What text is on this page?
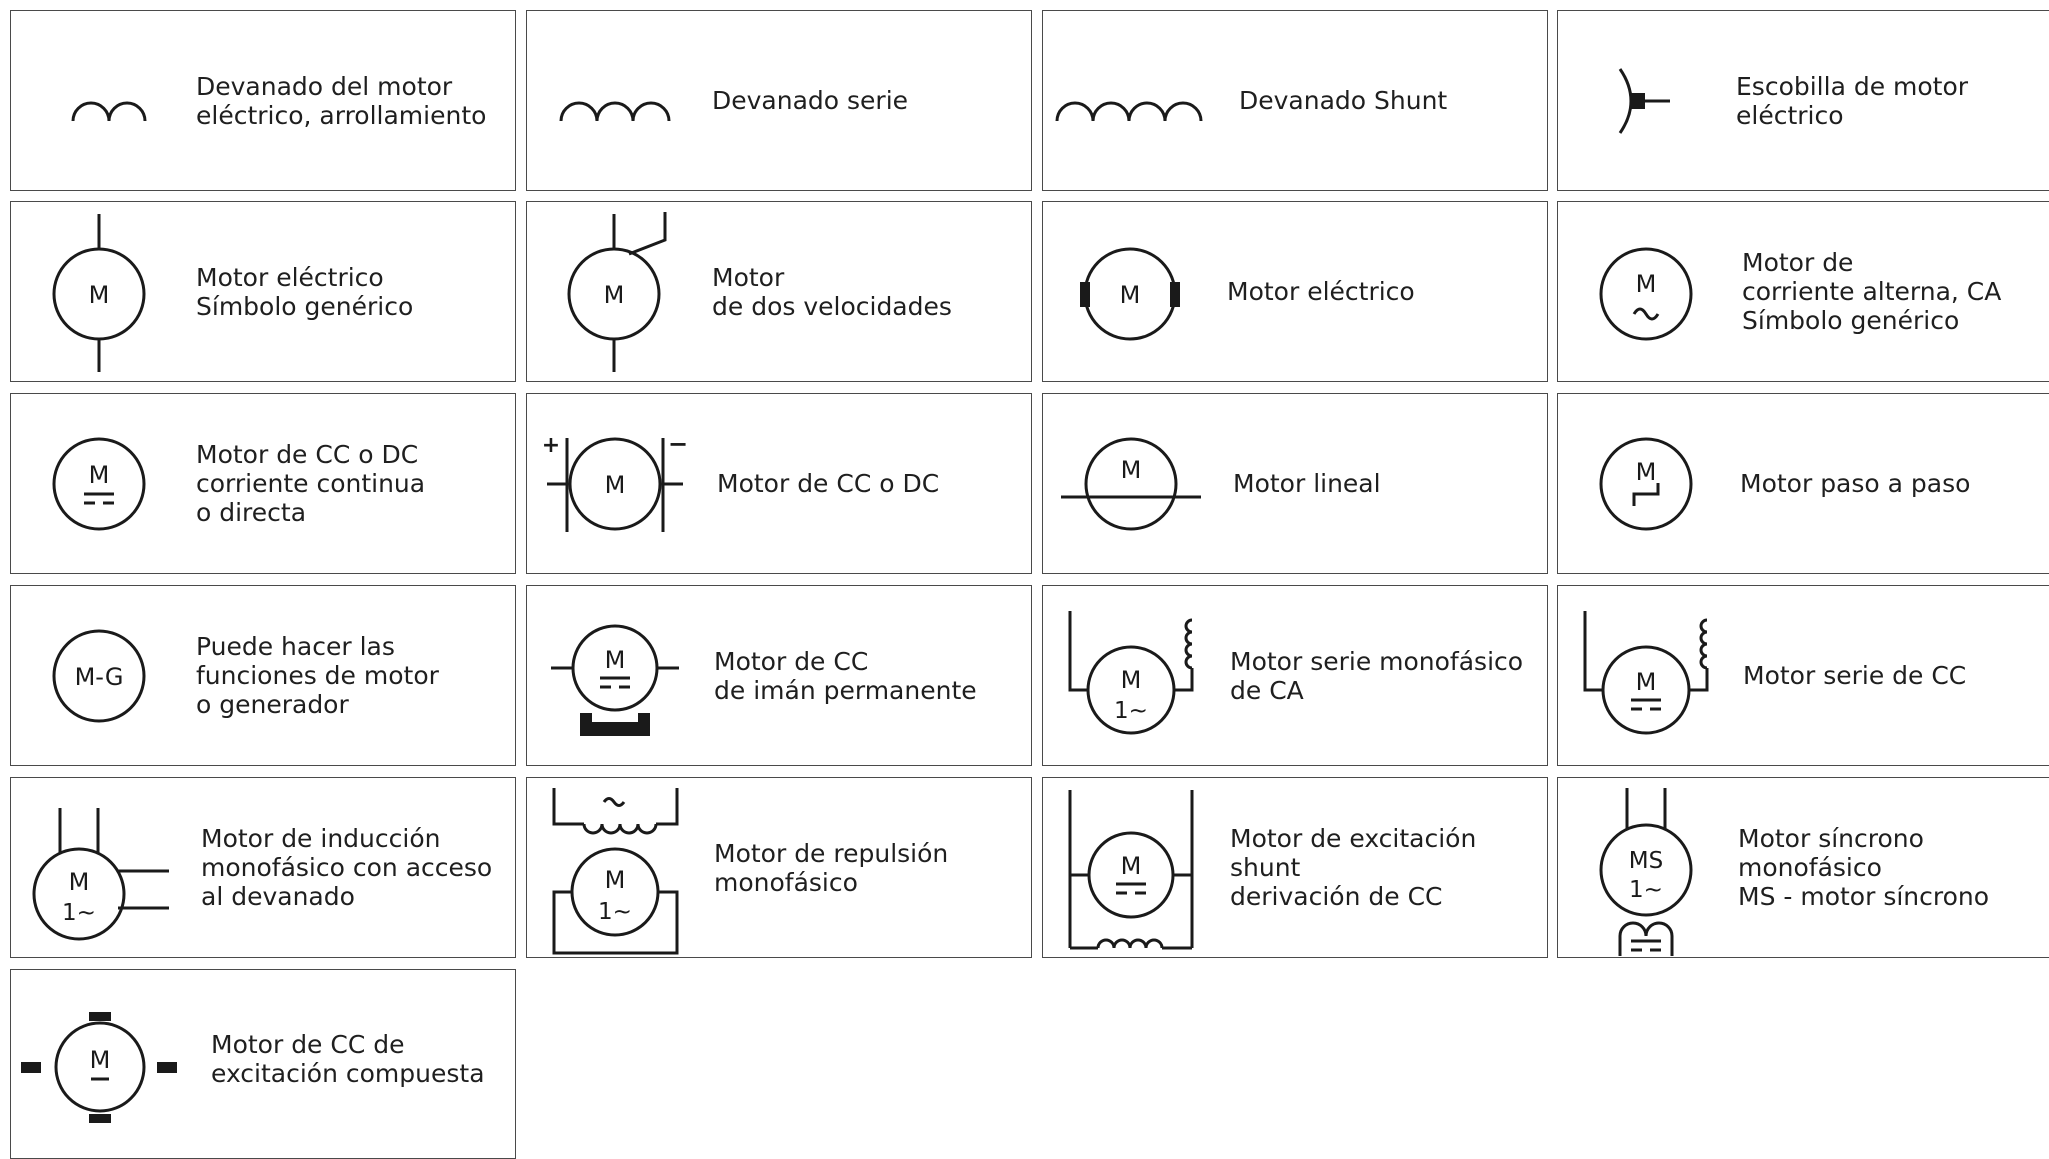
Devanado del motor
eléctrico, arrollamiento	Devanado serie	Devanado Shunt	Escobilla de motor
eléctrico
M
Motor eléctrico
Símbolo genérico	M
Motor
de dos velocidades	M	Motor eléctrico	M
Motor de
corriente alterna, CA
Símbolo genérico
M
Motor de CC o DC
corriente continua
o directa
+	−
M	Motor de CC o DC	M	Motor lineal	M	Motor paso a paso
M-G
Puede hacer las
funciones de motor
o generador
M	Motor de CC
de imán permanente	M
1∼
Motor serie monofásico
de CA	M	Motor serie de CC
M
1∼
Motor de inducción
monofásico con acceso
al devanado
M
1∼
Motor de repulsión
monofásico
M
Motor de excitación
shunt
derivación de CC
MS
1∼
Motor síncrono
monofásico
MS - motor síncrono
M
Motor de CC de
excitación compuesta
